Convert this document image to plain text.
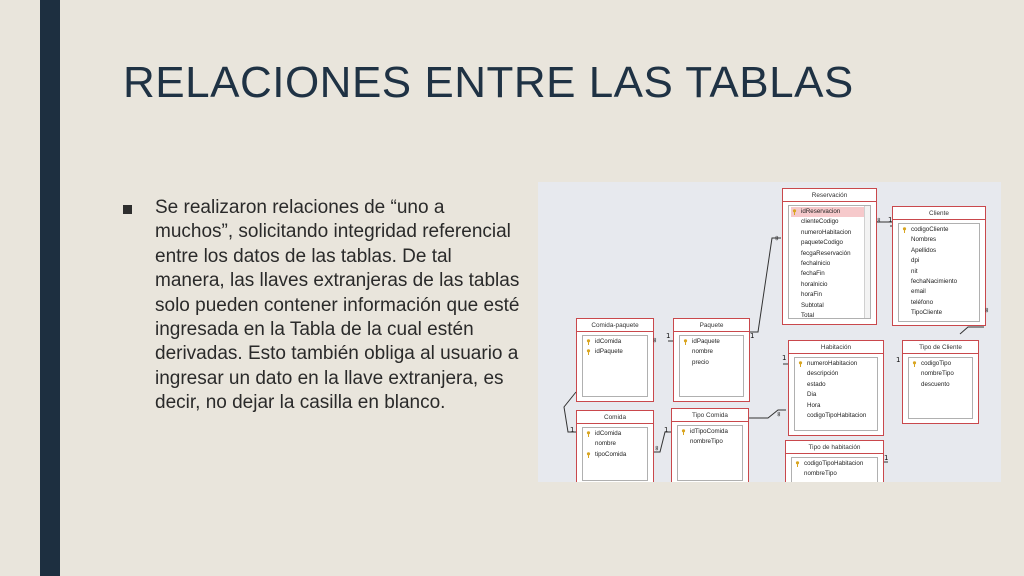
RELACIONES ENTRE LAS TABLAS
Se realizaron relaciones de “uno a muchos”, solicitando integridad referencial entre los datos de las tablas. De tal manera, las llaves extranjeras de las tablas solo pueden contener información que esté ingresada en la Tabla de la cual estén derivadas. Esto también obliga al usuario a ingresar un dato en la llave extranjera, es decir, no dejar la casilla en blanco.
Reservación
idReservacion
clienteCodigo
numeroHabitacion
paqueteCodigo
fecgaReservación
fechalnicio
fechaFin
horalnicio
horaFin
Subtotal
Total
Cliente
codigoCliente
Nombres
Apellidos
dpi
nit
fechaNacimiento
email
teléfono
TipoCliente
Comida-paquete
idComida
idPaquete
Paquete
idPaquete
nombre
precio
Habitación
numeroHabitacion
descripción
estado
Dia
Hora
codigoTipoHabitacion
Tipo de Cliente
codigoTipo
nombreTipo
descuento
Comida
idComida
nombre
tipoComida
Tipo Comida
idTipoComida
nombreTipo
Tipo de habitación
codigoTipoHabitacion
nombreTipo
∞ 1
∞
1
∞ 1
∞
1	1
∞
1	1
∞
1
